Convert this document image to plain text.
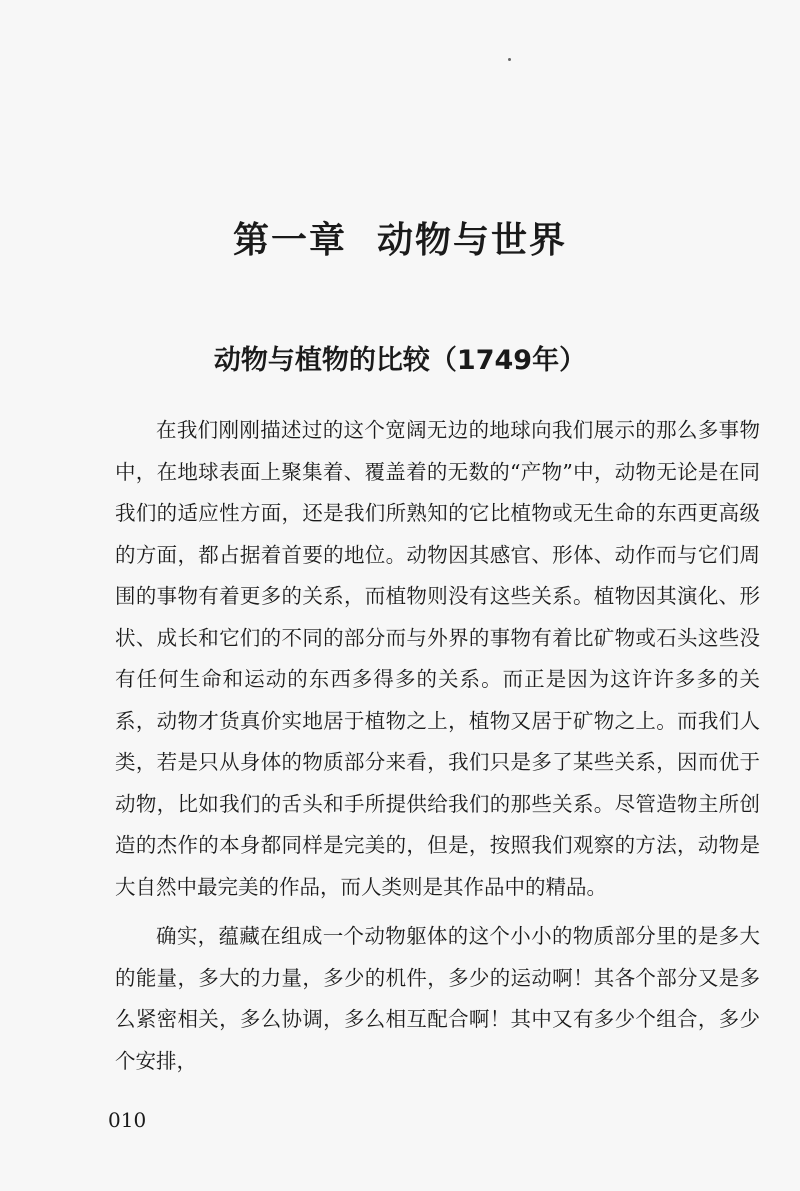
第一章 动物与世界
动物与植物的比较（1749年）

在我们刚刚描述过的这个宽阔无边的地球向我们展示的那么多事物中，在地球表面上聚集着、覆盖着的无数的“产物”中，动物无论是在同我们的适应性方面，还是我们所熟知的它比植物或无生命的东西更高级的方面，都占据着首要的地位。动物因其感官、形体、动作而与它们周围的事物有着更多的关系，而植物则没有这些关系。植物因其演化、形状、成长和它们的不同的部分而与外界的事物有着比矿物或石头这些没有任何生命和运动的东西多得多的关系。而正是因为这许许多多的关系，动物才货真价实地居于植物之上，植物又居于矿物之上。而我们人类，若是只从身体的物质部分来看，我们只是多了某些关系，因而优于动物，比如我们的舌头和手所提供给我们的那些关系。尽管造物主所创造的杰作的本身都同样是完美的，但是，按照我们观察的方法，动物是大自然中最完美的作品，而人类则是其作品中的精品。

确实，蕴藏在组成一个动物躯体的这个小小的物质部分里的是多大的能量，多大的力量，多少的机件，多少的运动啊！其各个部分又是多么紧密相关，多么协调，多么相互配合啊！其中又有多少个组合，多少个安排，

010
